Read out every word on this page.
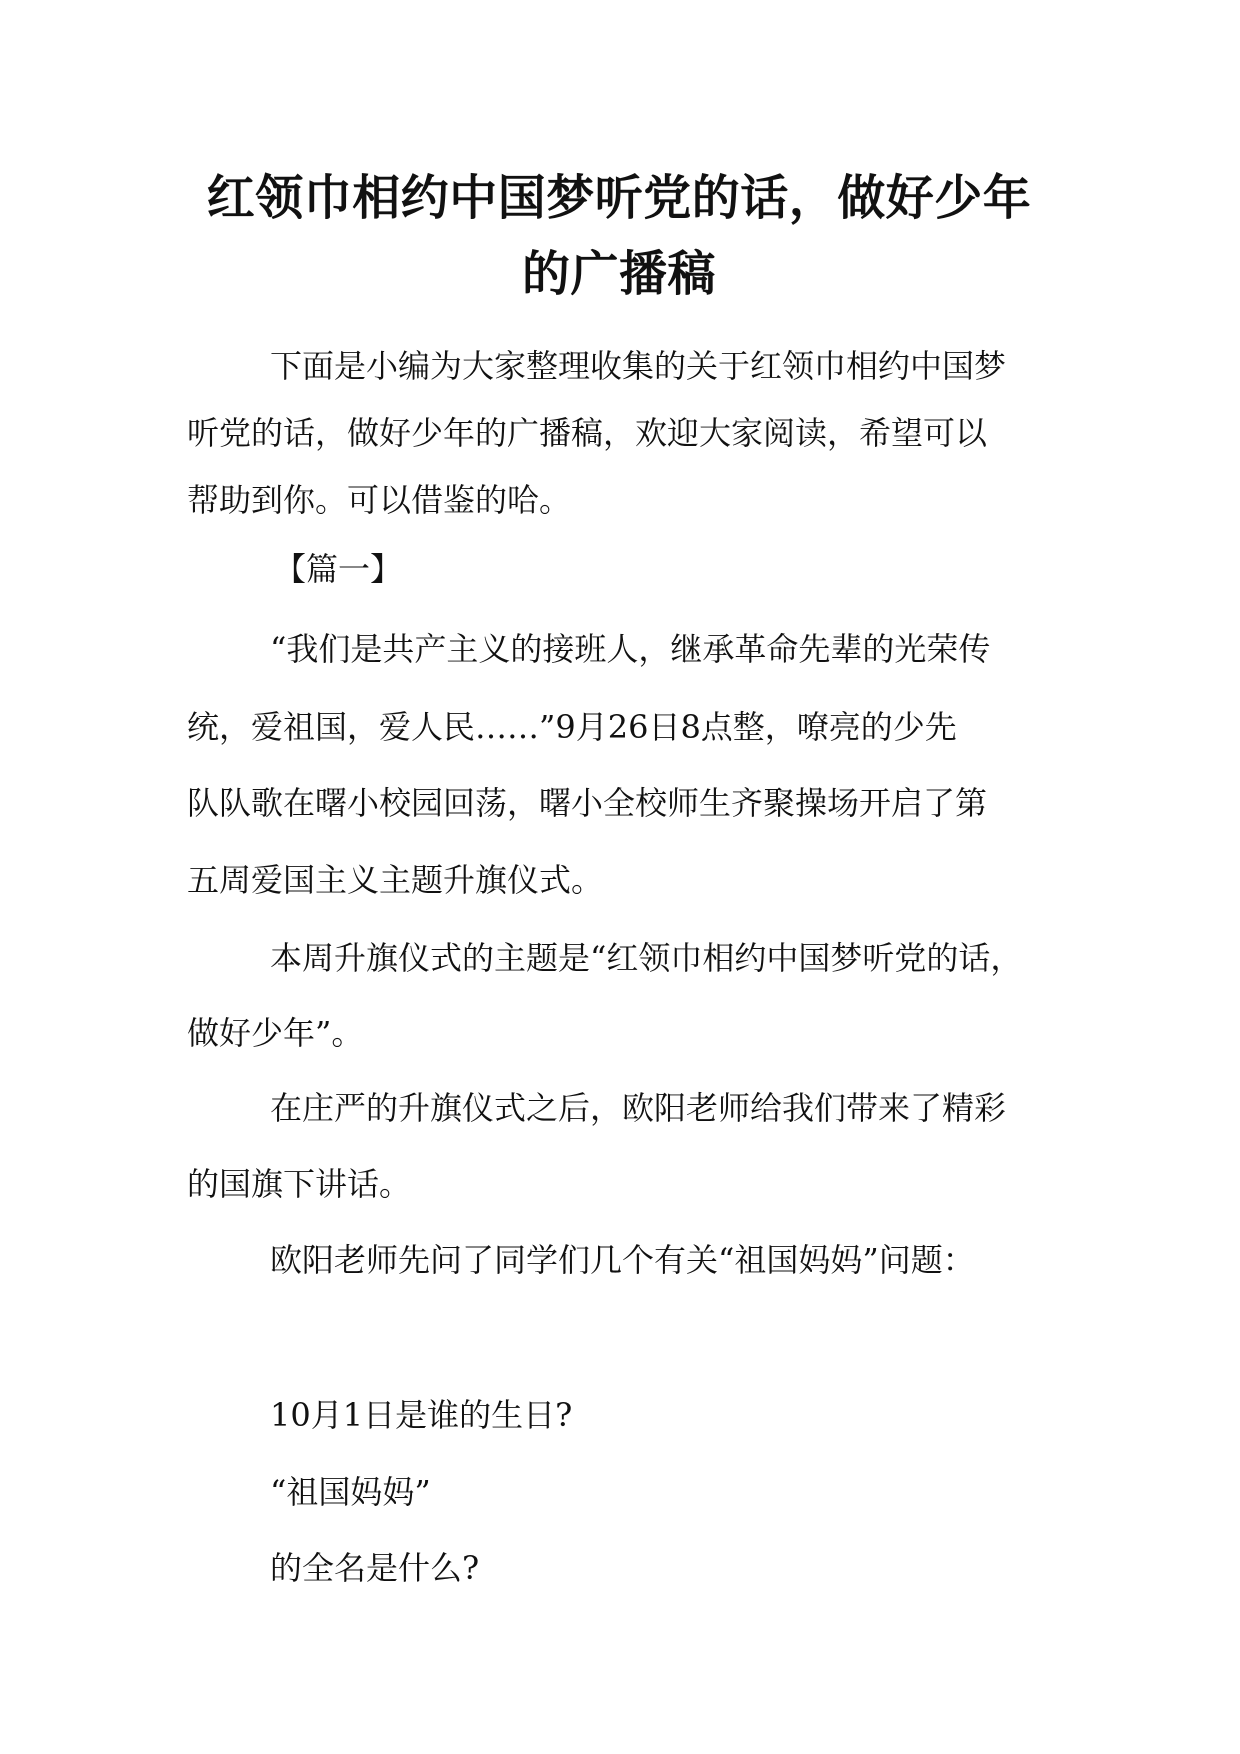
红领巾相约中国梦听党的话，做好少年
的广播稿

下面是小编为大家整理收集的关于红领巾相约中国梦

听党的话，做好少年的广播稿，欢迎大家阅读，希望可以

帮助到你。可以借鉴的哈。

【篇一】

“我们是共产主义的接班人，继承革命先辈的光荣传

统，爱祖国，爱人民……”9月26日8点整，嘹亮的少先

队队歌在曙小校园回荡，曙小全校师生齐聚操场开启了第

五周爱国主义主题升旗仪式。

本周升旗仪式的主题是“红领巾相约中国梦听党的话，

做好少年”。

在庄严的升旗仪式之后，欧阳老师给我们带来了精彩

的国旗下讲话。

欧阳老师先问了同学们几个有关“祖国妈妈”问题：

10月1日是谁的生日?

“祖国妈妈”

的全名是什么?
